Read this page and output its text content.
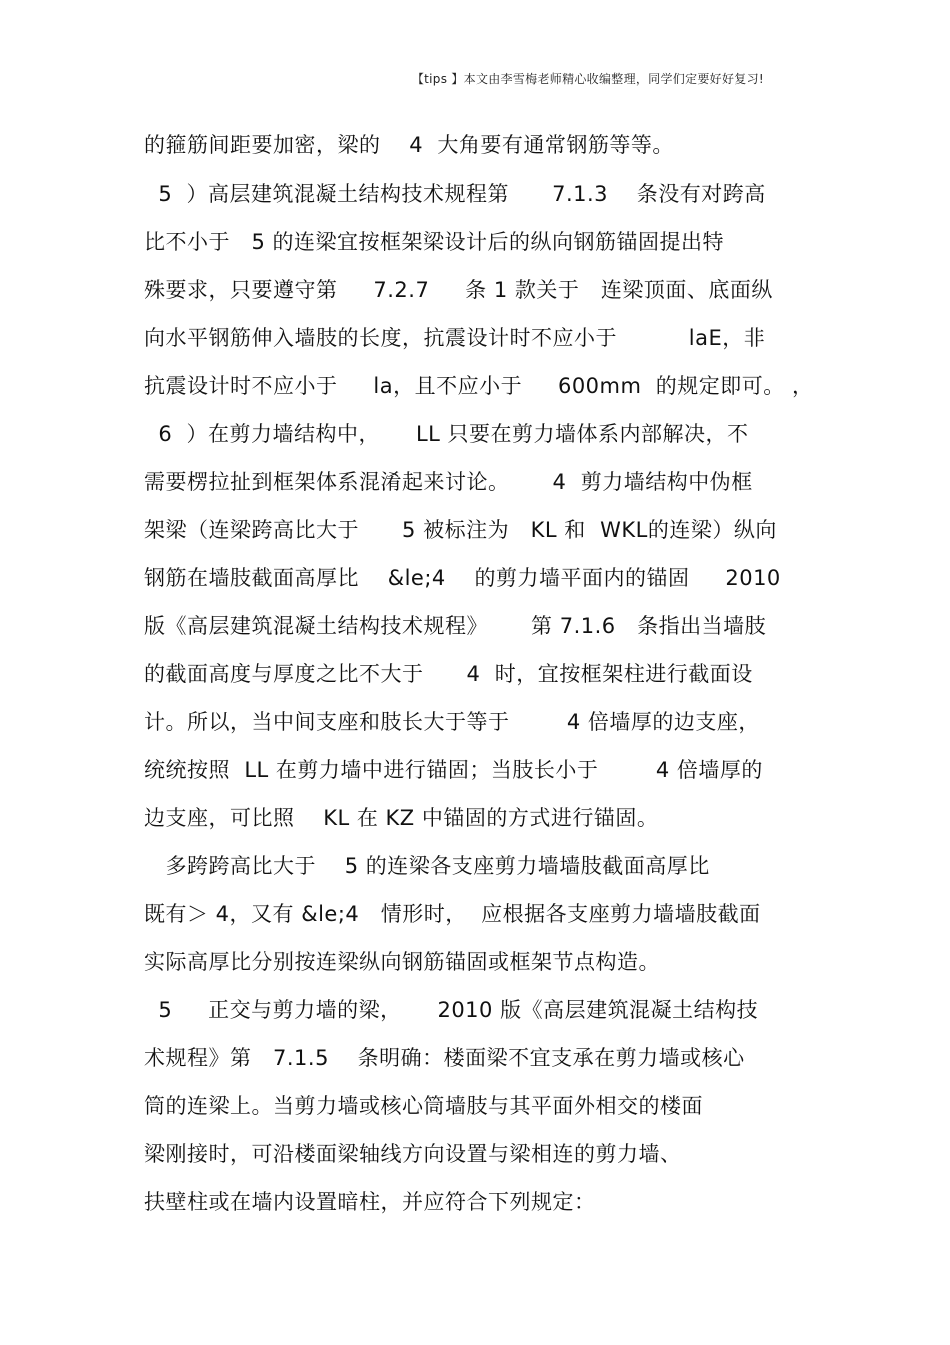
【tips 】本文由李雪梅老师精心收编整理，同学们定要好好复习!
的箍筋间距要加密，梁的    4  大角要有通常钢筋等等。
5  ）高层建筑混凝土结构技术规程第      7.1.3    条没有对跨高
比不小于   5 的连梁宜按框架梁设计后的纵向钢筋锚固提出特
殊要求，只要遵守第     7.2.7     条 1 款关于   连梁顶面、底面纵
向水平钢筋伸入墙肢的长度，抗震设计时不应小于          laE，非
抗震设计时不应小于     la，且不应小于     600mm  的规定即可。 ，
6  ）在剪力墙结构中，     LL 只要在剪力墙体系内部解决，不
需要楞拉扯到框架体系混淆起来讨论。      4  剪力墙结构中伪框
架梁（连梁跨高比大于      5 被标注为   KL 和  WKL的连梁）纵向
钢筋在墙肢截面高厚比    &le;4    的剪力墙平面内的锚固     2010
版《高层建筑混凝土结构技术规程》      第 7.1.6   条指出当墙肢
的截面高度与厚度之比不大于      4  时，宜按框架柱进行截面设
计。所以，当中间支座和肢长大于等于        4 倍墙厚的边支座，
统统按照  LL 在剪力墙中进行锚固；当肢长小于        4 倍墙厚的
边支座，可比照    KL 在 KZ 中锚固的方式进行锚固。
多跨跨高比大于    5 的连梁各支座剪力墙墙肢截面高厚比
既有＞ 4，又有 &le;4   情形时，  应根据各支座剪力墙墙肢截面
实际高厚比分别按连梁纵向钢筋锚固或框架节点构造。
5     正交与剪力墙的梁，     2010 版《高层建筑混凝土结构技
术规程》第   7.1.5    条明确：楼面梁不宜支承在剪力墙或核心
筒的连梁上。当剪力墙或核心筒墙肢与其平面外相交的楼面
梁刚接时，可沿楼面梁轴线方向设置与梁相连的剪力墙、
扶壁柱或在墙内设置暗柱，并应符合下列规定：
